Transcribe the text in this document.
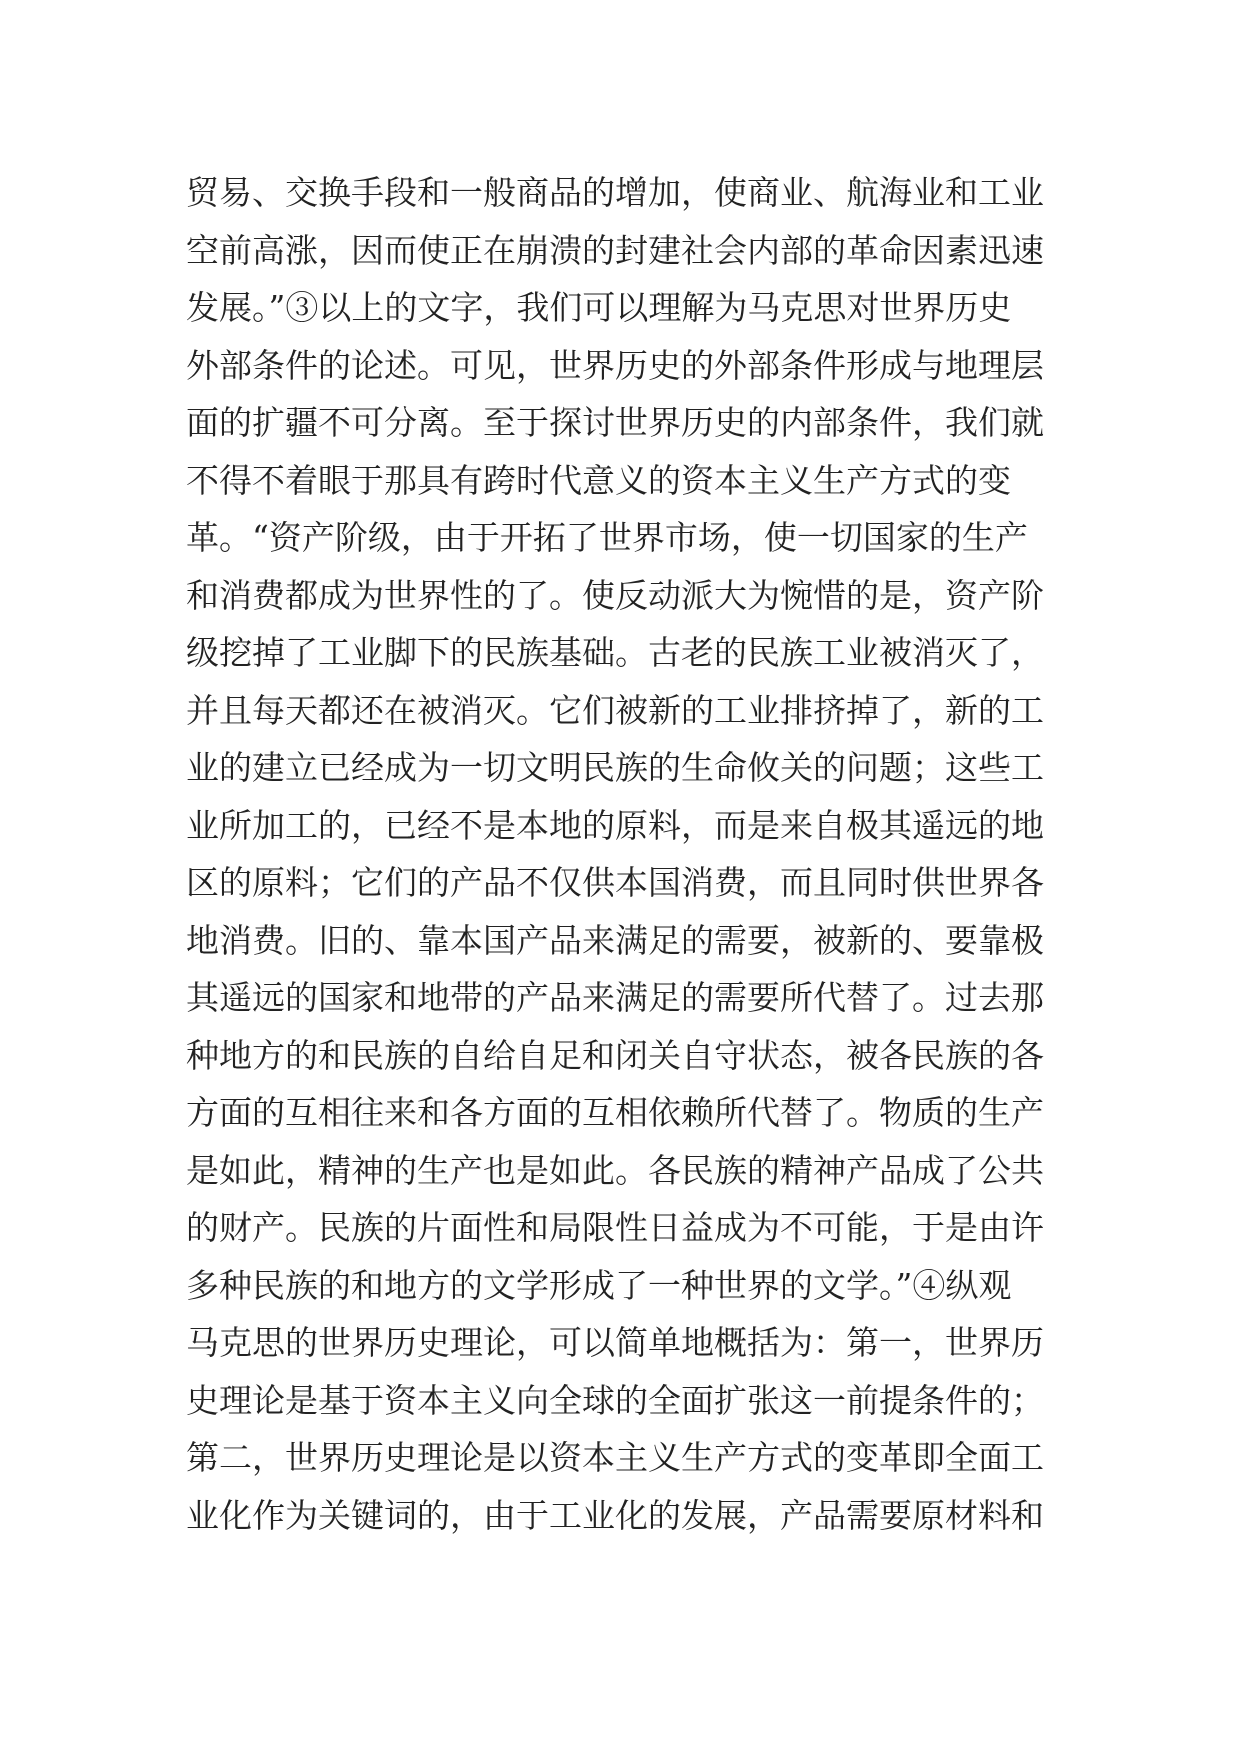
贸易、交换手段和一般商品的增加，使商业、航海业和工业
空前高涨，因而使正在崩溃的封建社会内部的革命因素迅速
发展。”③以上的文字，我们可以理解为马克思对世界历史
外部条件的论述。可见，世界历史的外部条件形成与地理层
面的扩疆不可分离。至于探讨世界历史的内部条件，我们就
不得不着眼于那具有跨时代意义的资本主义生产方式的变
革。“资产阶级，由于开拓了世界市场，使一切国家的生产
和消费都成为世界性的了。使反动派大为惋惜的是，资产阶
级挖掉了工业脚下的民族基础。古老的民族工业被消灭了，
并且每天都还在被消灭。它们被新的工业排挤掉了，新的工
业的建立已经成为一切文明民族的生命攸关的问题；这些工
业所加工的，已经不是本地的原料，而是来自极其遥远的地
区的原料；它们的产品不仅供本国消费，而且同时供世界各
地消费。旧的、靠本国产品来满足的需要，被新的、要靠极
其遥远的国家和地带的产品来满足的需要所代替了。过去那
种地方的和民族的自给自足和闭关自守状态，被各民族的各
方面的互相往来和各方面的互相依赖所代替了。物质的生产
是如此，精神的生产也是如此。各民族的精神产品成了公共
的财产。民族的片面性和局限性日益成为不可能，于是由许
多种民族的和地方的文学形成了一种世界的文学。”④纵观
马克思的世界历史理论，可以简单地概括为：第一，世界历
史理论是基于资本主义向全球的全面扩张这一前提条件的；
第二，世界历史理论是以资本主义生产方式的变革即全面工
业化作为关键词的，由于工业化的发展，产品需要原材料和
